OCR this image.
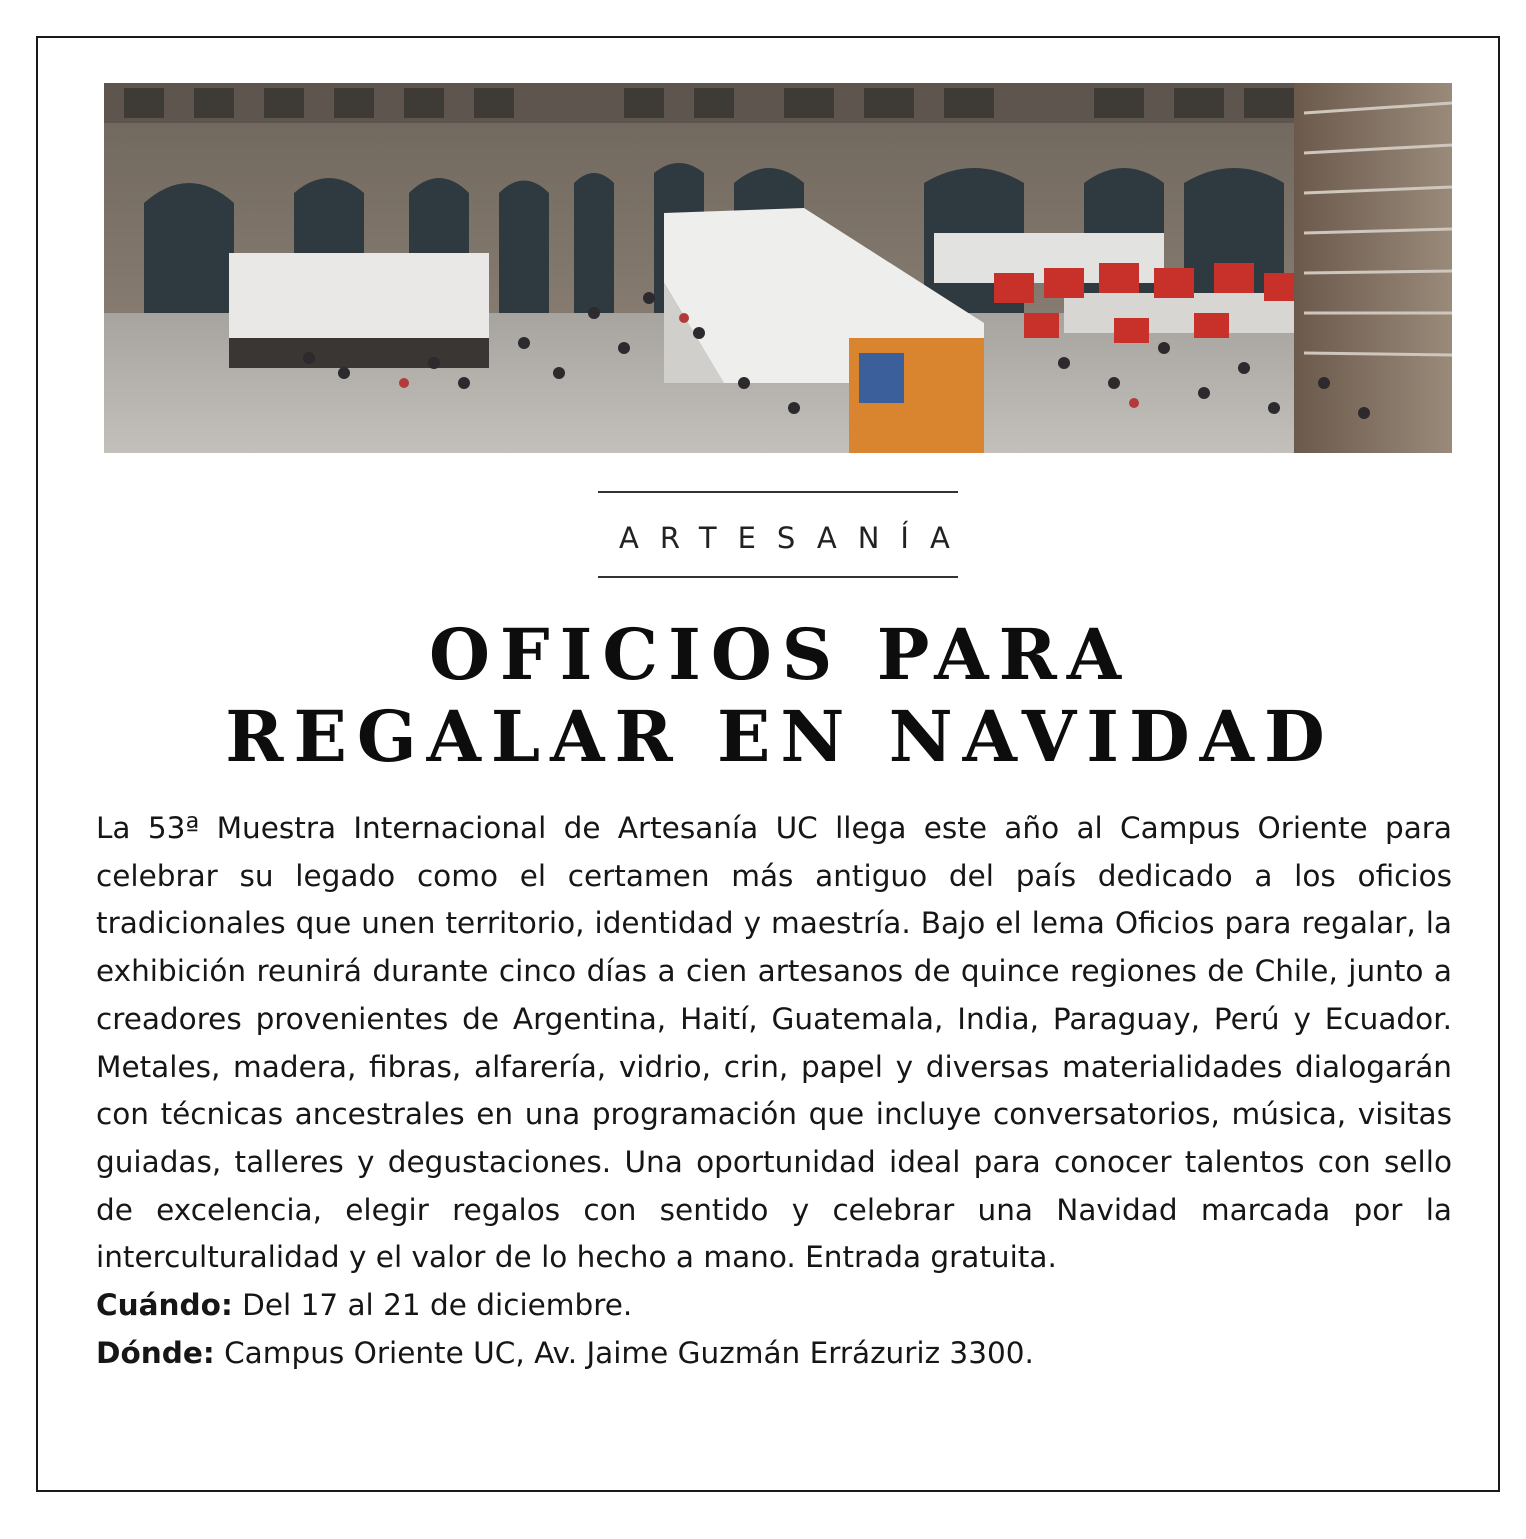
ARTESANÍA
OFICIOS PARA
REGALAR EN NAVIDAD

La 53ª Muestra Internacional de Artesanía UC llega este año al Campus Oriente para celebrar su legado como el certamen más antiguo del país dedicado a los oficios tradicionales que unen territorio, identidad y maestría. Bajo el lema Oficios para regalar, la exhibición reunirá durante cinco días a cien artesanos de quince regiones de Chile, junto a creadores provenientes de Argentina, Haití, Guatemala, India, Paraguay, Perú y Ecuador. Metales, madera, fibras, alfarería, vidrio, crin, papel y diversas materialidades dialogarán con técnicas ancestrales en una programación que incluye conversatorios, música, visitas guiadas, talleres y degustaciones. Una oportunidad ideal para conocer talentos con sello de excelencia, elegir regalos con sentido y celebrar una Navidad marcada por la interculturalidad y el valor de lo hecho a mano. Entrada gratuita.

Cuándo: Del 17 al 21 de diciembre.

Dónde: Campus Oriente UC, Av. Jaime Guzmán Errázuriz 3300.
